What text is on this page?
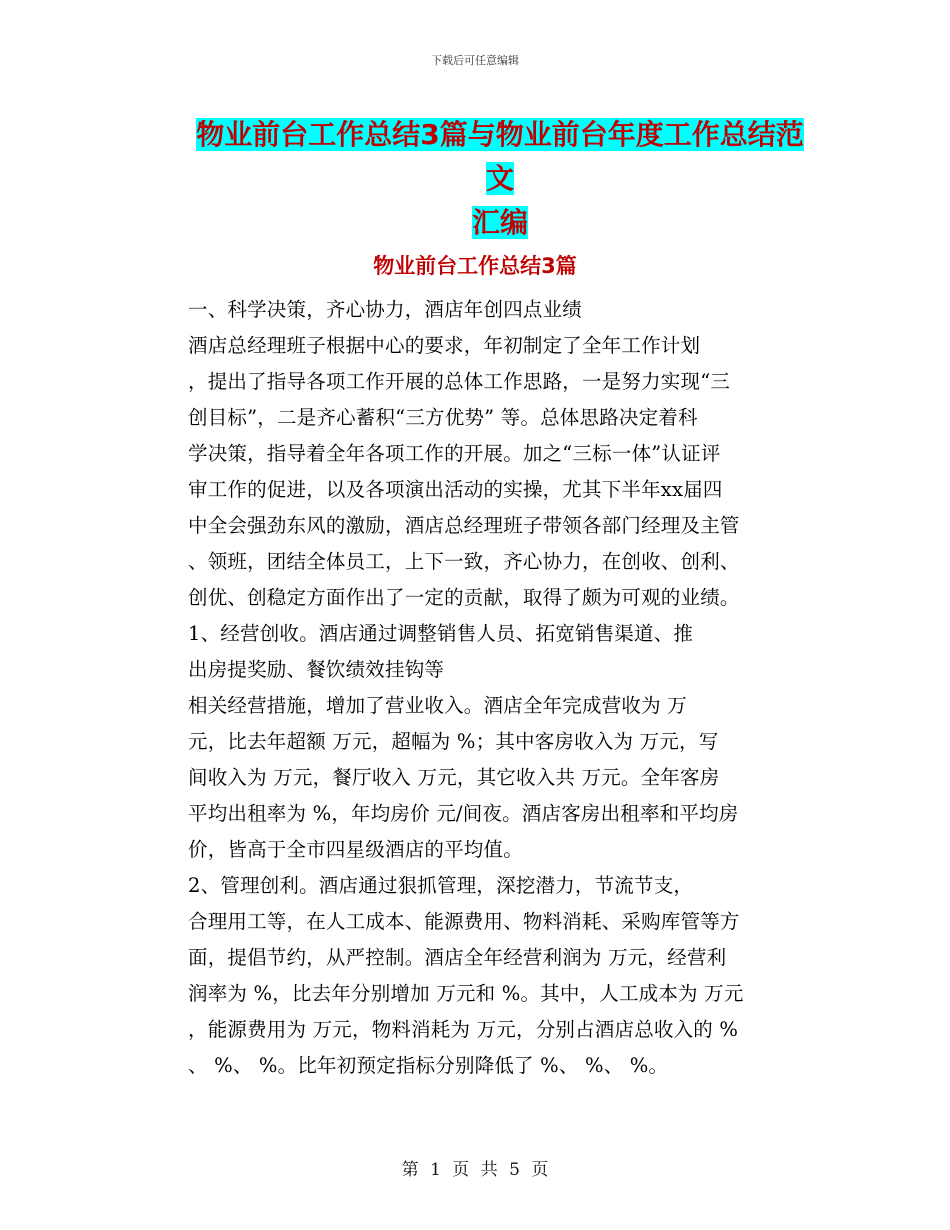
下载后可任意编辑
物业前台工作总结3篇与物业前台年度工作总结范文
汇编
物业前台工作总结3篇
一、科学决策，齐心协力，酒店年创四点业绩
酒店总经理班子根据中心的要求，年初制定了全年工作计划
，提出了指导各项工作开展的总体工作思路，一是努力实现“三
创目标”，二是齐心蓄积“三方优势” 等。总体思路决定着科
学决策，指导着全年各项工作的开展。加之“三标一体”认证评
审工作的促进，以及各项演出活动的实操，尤其下半年xx届四
中全会强劲东风的激励，酒店总经理班子带领各部门经理及主管
、领班，团结全体员工，上下一致，齐心协力，在创收、创利、
创优、创稳定方面作出了一定的贡献，取得了颇为可观的业绩。
1、经营创收。酒店通过调整销售人员、拓宽销售渠道、推
出房提奖励、餐饮绩效挂钩等
相关经营措施，增加了营业收入。酒店全年完成营收为 万
元，比去年超额 万元，超幅为 %；其中客房收入为 万元，写
间收入为 万元，餐厅收入 万元，其它收入共 万元。全年客房
平均出租率为 %，年均房价 元/间夜。酒店客房出租率和平均房
价，皆高于全市四星级酒店的平均值。
2、管理创利。酒店通过狠抓管理，深挖潜力，节流节支，
合理用工等，在人工成本、能源费用、物料消耗、采购库管等方
面，提倡节约，从严控制。酒店全年经营利润为 万元，经营利
润率为 %，比去年分别增加 万元和 %。其中，人工成本为 万元
，能源费用为 万元，物料消耗为 万元，分别占酒店总收入的 %
、 %、 %。比年初预定指标分别降低了 %、 %、 %。
第 1 页 共 5 页
